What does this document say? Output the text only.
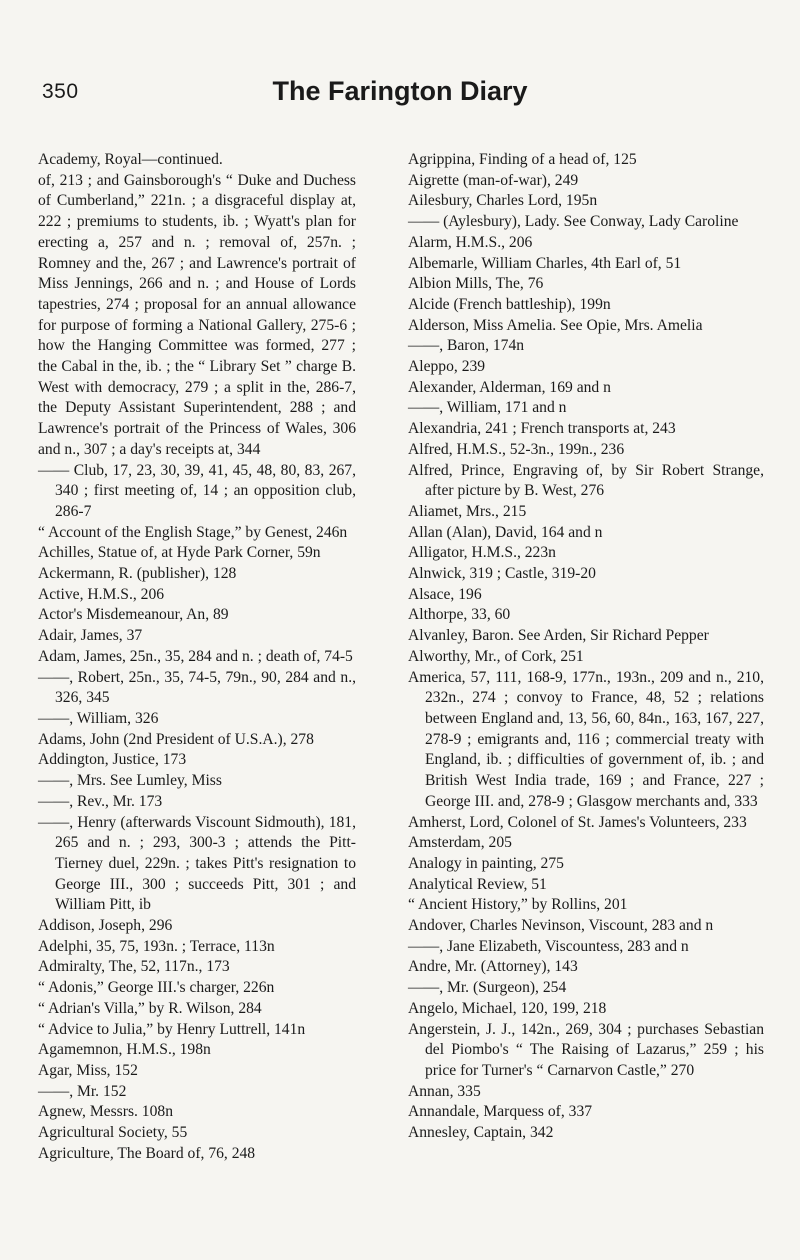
350	The Farington Diary

Academy, Royal—continued.

of, 213 ; and Gainsborough's “ Duke and Duchess of Cumberland,” 221n. ; a disgraceful display at, 222 ; premiums to students, ib. ; Wyatt's plan for erecting a, 257 and n. ; removal of, 257n. ; Romney and the, 267 ; and Lawrence's portrait of Miss Jennings, 266 and n. ; and House of Lords tapestries, 274 ; proposal for an annual allowance for purpose of forming a National Gallery, 275-6 ; how the Hanging Committee was formed, 277 ; the Cabal in the, ib. ; the “ Library Set ” charge B. West with democracy, 279 ; a split in the, 286-7, the Deputy Assistant Superintendent, 288 ; and Lawrence's portrait of the Princess of Wales, 306 and n., 307 ; a day's receipts at, 344

—— Club, 17, 23, 30, 39, 41, 45, 48, 80, 83, 267, 340 ; first meeting of, 14 ; an opposition club, 286-7

“ Account of the English Stage,” by Genest, 246n

Achilles, Statue of, at Hyde Park Corner, 59n

Ackermann, R. (publisher), 128

Active, H.M.S., 206

Actor's Misdemeanour, An, 89

Adair, James, 37

Adam, James, 25n., 35, 284 and n. ; death of, 74-5

——, Robert, 25n., 35, 74-5, 79n., 90, 284 and n., 326, 345

——, William, 326

Adams, John (2nd President of U.S.A.), 278

Addington, Justice, 173

——, Mrs. See Lumley, Miss

——, Rev., Mr. 173

——, Henry (afterwards Viscount Sidmouth), 181, 265 and n. ; 293, 300-3 ; attends the Pitt-Tierney duel, 229n. ; takes Pitt's resignation to George III., 300 ; succeeds Pitt, 301 ; and William Pitt, ib

Addison, Joseph, 296

Adelphi, 35, 75, 193n. ; Terrace, 113n

Admiralty, The, 52, 117n., 173

“ Adonis,” George III.'s charger, 226n

“ Adrian's Villa,” by R. Wilson, 284

“ Advice to Julia,” by Henry Luttrell, 141n

Agamemnon, H.M.S., 198n

Agar, Miss, 152

——, Mr. 152

Agnew, Messrs. 108n

Agricultural Society, 55

Agriculture, The Board of, 76, 248

Agrippina, Finding of a head of, 125

Aigrette (man-of-war), 249

Ailesbury, Charles Lord, 195n

—— (Aylesbury), Lady. See Conway, Lady Caroline

Alarm, H.M.S., 206

Albemarle, William Charles, 4th Earl of, 51

Albion Mills, The, 76

Alcide (French battleship), 199n

Alderson, Miss Amelia. See Opie, Mrs. Amelia

——, Baron, 174n

Aleppo, 239

Alexander, Alderman, 169 and n

——, William, 171 and n

Alexandria, 241 ; French transports at, 243

Alfred, H.M.S., 52-3n., 199n., 236

Alfred, Prince, Engraving of, by Sir Robert Strange, after picture by B. West, 276

Aliamet, Mrs., 215

Allan (Alan), David, 164 and n

Alligator, H.M.S., 223n

Alnwick, 319 ; Castle, 319-20

Alsace, 196

Althorpe, 33, 60

Alvanley, Baron. See Arden, Sir Richard Pepper

Alworthy, Mr., of Cork, 251

America, 57, 111, 168-9, 177n., 193n., 209 and n., 210, 232n., 274 ; convoy to France, 48, 52 ; relations between England and, 13, 56, 60, 84n., 163, 167, 227, 278-9 ; emigrants and, 116 ; commercial treaty with England, ib. ; difficulties of government of, ib. ; and British West India trade, 169 ; and France, 227 ; George III. and, 278-9 ; Glasgow merchants and, 333

Amherst, Lord, Colonel of St. James's Volunteers, 233

Amsterdam, 205

Analogy in painting, 275

Analytical Review, 51

“ Ancient History,” by Rollins, 201

Andover, Charles Nevinson, Viscount, 283 and n

——, Jane Elizabeth, Viscountess, 283 and n

Andre, Mr. (Attorney), 143

——, Mr. (Surgeon), 254

Angelo, Michael, 120, 199, 218

Angerstein, J. J., 142n., 269, 304 ; purchases Sebastian del Piombo's “ The Raising of Lazarus,” 259 ; his price for Turner's “ Carnarvon Castle,” 270

Annan, 335

Annandale, Marquess of, 337

Annesley, Captain, 342
